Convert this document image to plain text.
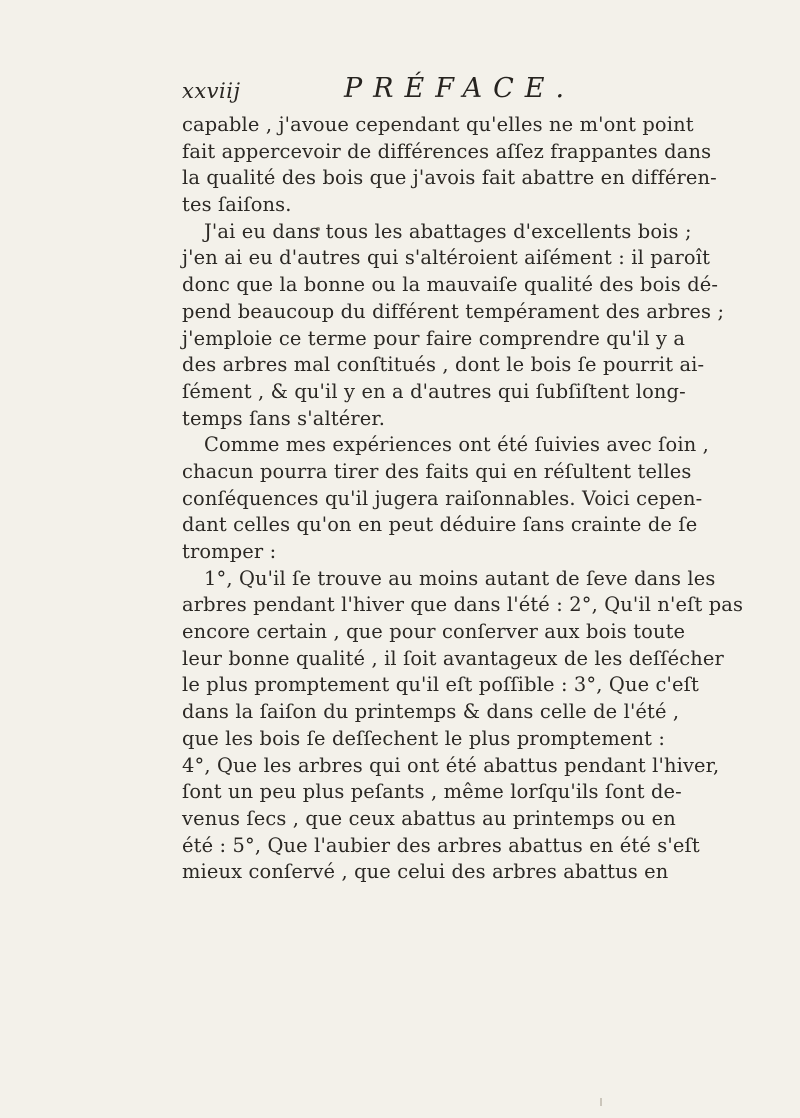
xxviij	PRÉFACE.
capable , j'avoue cependant qu'elles ne m'ont point
fait appercevoir de différences aſſez frappantes dans
la qualité des bois que j'avois fait abattre en différen-
tes ſaiſons.
J'ai eu dans tous les abattages d'excellents bois ;
j'en ai eu d'autres qui s'altéroient aiſément : il paroît
donc que la bonne ou la mauvaiſe qualité des bois dé-
pend beaucoup du différent tempérament des arbres ;
j'emploie ce terme pour faire comprendre qu'il y a
des arbres mal conſtitués , dont le bois ſe pourrit ai-
ſément , & qu'il y en a d'autres qui ſubſiſtent long-
temps ſans s'altérer.
Comme mes expériences ont été ſuivies avec ſoin ,
chacun pourra tirer des faits qui en réſultent telles
conſéquences qu'il jugera raiſonnables. Voici cepen-
dant celles qu'on en peut déduire ſans crainte de ſe
tromper :
1°, Qu'il ſe trouve au moins autant de ſeve dans les
arbres pendant l'hiver que dans l'été : 2°, Qu'il n'eſt pas
encore certain , que pour conſerver aux bois toute
leur bonne qualité , il ſoit avantageux de les deſſécher
le plus promptement qu'il eſt poſſible : 3°, Que c'eſt
dans la ſaiſon du printemps & dans celle de l'été ,
que les bois ſe deſſechent le plus promptement :
4°, Que les arbres qui ont été abattus pendant l'hiver,
ſont un peu plus peſants , même lorſqu'ils ſont de-
venus ſecs , que ceux abattus au printemps ou en
été : 5°, Que l'aubier des arbres abattus en été s'eſt
mieux conſervé , que celui des arbres abattus en
